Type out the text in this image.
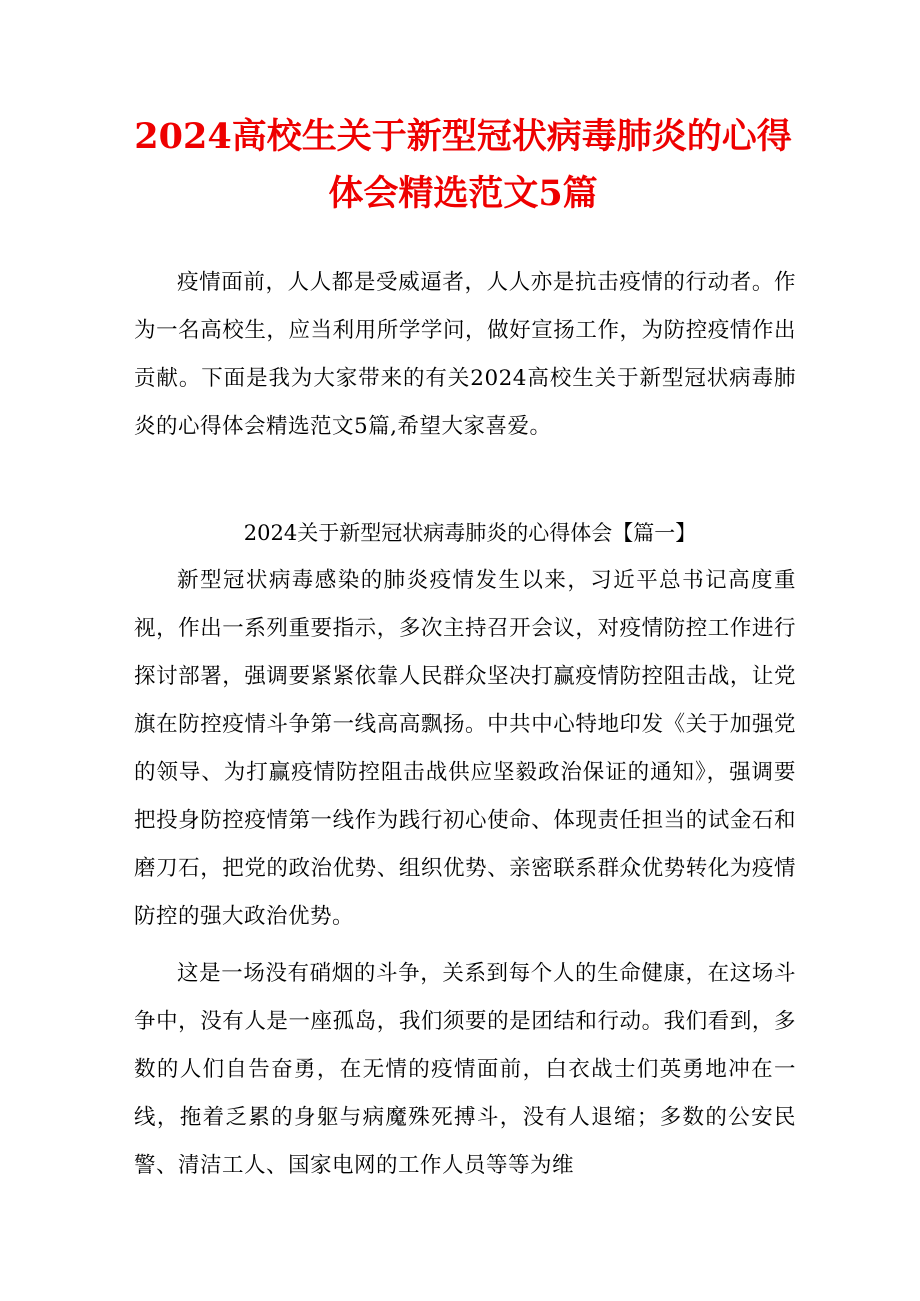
2024高校生关于新型冠状病毒肺炎的心得体会精选范文5篇

疫情面前，人人都是受威逼者，人人亦是抗击疫情的行动者。作为一名高校生，应当利用所学学问，做好宣扬工作，为防控疫情作出贡献。下面是我为大家带来的有关2024高校生关于新型冠状病毒肺炎的心得体会精选范文5篇,希望大家喜爱。

2024关于新型冠状病毒肺炎的心得体会【篇一】

新型冠状病毒感染的肺炎疫情发生以来，习近平总书记高度重视，作出一系列重要指示，多次主持召开会议，对疫情防控工作进行探讨部署，强调要紧紧依靠人民群众坚决打赢疫情防控阻击战，让党旗在防控疫情斗争第一线高高飘扬。中共中心特地印发《关于加强党的领导、为打赢疫情防控阻击战供应坚毅政治保证的通知》，强调要把投身防控疫情第一线作为践行初心使命、体现责任担当的试金石和磨刀石，把党的政治优势、组织优势、亲密联系群众优势转化为疫情防控的强大政治优势。

这是一场没有硝烟的斗争，关系到每个人的生命健康，在这场斗争中，没有人是一座孤岛，我们须要的是团结和行动。我们看到，多数的人们自告奋勇，在无情的疫情面前，白衣战士们英勇地冲在一线，拖着乏累的身躯与病魔殊死搏斗，没有人退缩；多数的公安民警、清洁工人、国家电网的工作人员等等为维
